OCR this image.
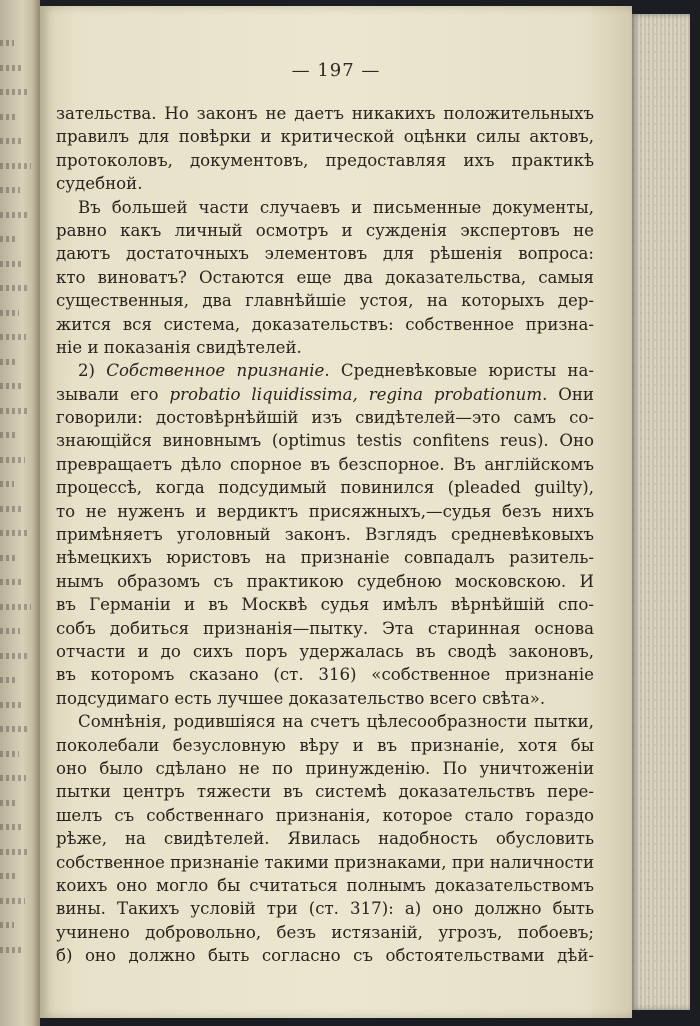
— 197 —
зательства. Но законъ не даетъ никакихъ положительныхъ
правилъ для повѣрки и критической оцѣнки силы актовъ,
протоколовъ, документовъ, предоставляя ихъ практикѣ
судебной.
Въ большей части случаевъ и письменные документы,
равно какъ личный осмотръ и сужденія экспертовъ не
даютъ достаточныхъ элементовъ для рѣшенія вопроса:
кто виноватъ? Остаются еще два доказательства, самыя
существенныя, два главнѣйшіе устоя, на которыхъ дер-
жится вся система, доказательствъ: собственное призна-
ніе и показанія свидѣтелей.
2) Собственное признаніе. Средневѣковые юристы на-
зывали его probatio liquidissima, regina probationum. Они
говорили: достовѣрнѣйшій изъ свидѣтелей—это самъ со-
знающійся виновнымъ (optimus testis confitens reus). Оно
превращаетъ дѣло спорное въ безспорное. Въ англійскомъ
процессѣ, когда подсудимый повинился (pleaded guilty),
то не нуженъ и вердиктъ присяжныхъ,—судья безъ нихъ
примѣняетъ уголовный законъ. Взглядъ средневѣковыхъ
нѣмецкихъ юристовъ на признаніе совпадалъ разитель-
нымъ образомъ съ практикою судебною московскою. И
въ Германіи и въ Москвѣ судья имѣлъ вѣрнѣйшій спо-
собъ добиться признанія—пытку. Эта старинная основа
отчасти и до сихъ поръ удержалась въ сводѣ законовъ,
въ которомъ сказано (ст. 316) «собственное признаніе
подсудимаго есть лучшее доказательство всего свѣта».
Сомнѣнія, родившіяся на счетъ цѣлесообразности пытки,
поколебали безусловную вѣру и въ признаніе, хотя бы
оно было сдѣлано не по принужденію. По уничтоженіи
пытки центръ тяжести въ системѣ доказательствъ пере-
шелъ съ собственнаго признанія, которое стало гораздо
рѣже, на свидѣтелей. Явилась надобность обусловить
собственное признаніе такими признаками, при наличности
коихъ оно могло бы считаться полнымъ доказательствомъ
вины. Такихъ условій три (ст. 317): а) оно должно быть
учинено добровольно, безъ истязаній, угрозъ, побоевъ;
б) оно должно быть согласно съ обстоятельствами дѣй-
